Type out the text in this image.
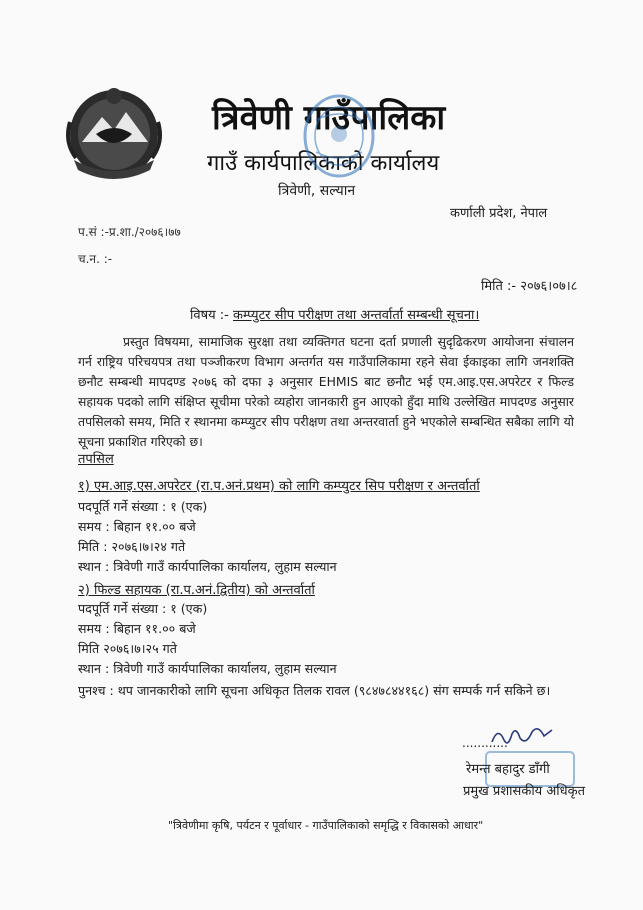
त्रिवेणी गाउँपालिका
गाउँ कार्यपालिकाको कार्यालय
त्रिवेणी, सल्यान
कर्णाली प्रदेश, नेपाल
प.सं :-प्र.शा./२०७६।७७
च.न. :-
मिति :- २०७६।०७।८
विषय :- कम्प्युटर सीप परीक्षण तथा अन्तर्वार्ता सम्बन्धी सूचना।

प्रस्तुत विषयमा, सामाजिक सुरक्षा तथा व्यक्तिगत घटना दर्ता प्रणाली सुदृढिकरण आयोजना संचालन गर्न राष्ट्रिय परिचयपत्र तथा पञ्जीकरण विभाग अन्तर्गत यस गाउँपालिकामा रहने सेवा ईकाइका लागि जनशक्ति छनौट सम्बन्धी मापदण्ड २०७६ को दफा ३ अनुसार EHMIS बाट छनौट भई एम.आइ.एस.अपरेटर र फिल्ड सहायक पदको लागि संक्षिप्त सूचीमा परेको व्यहोरा जानकारी हुन आएको हुँदा माथि उल्लेखित मापदण्ड अनुसार तपसिलको समय, मिति र स्थानमा कम्प्युटर सीप परीक्षण तथा अन्तरवार्ता हुने भएकोले सम्बन्धित सबैका लागि यो सूचना प्रकाशित गरिएको छ।

तपसिल
१) एम.आइ.एस.अपरेटर (रा.प.अनं.प्रथम) को लागि कम्प्युटर सिप परीक्षण र अन्तर्वार्ता
पदपूर्ति गर्ने संख्या : १ (एक)
समय : बिहान ११.०० बजे
मिति : २०७६।७।२४ गते
स्थान : त्रिवेणी गाउँ कार्यपालिका कार्यालय, लुहाम सल्यान
२) फिल्ड सहायक (रा.प.अनं.द्वितीय) को अन्तर्वार्ता
पदपूर्ति गर्ने संख्या : १ (एक)
समय : बिहान ११.०० बजे
मिति २०७६।७।२५ गते
स्थान : त्रिवेणी गाउँ कार्यपालिका कार्यालय, लुहाम सल्यान
पुनश्च : थप जानकारीको लागि सूचना अधिकृत तिलक रावल (९८४७८४४१६८) संग सम्पर्क गर्न सकिने छ।
............
रेमन्त बहादुर डाँगी
प्रमुख प्रशासकीय अधिकृत
"त्रिवेणीमा कृषि, पर्यटन र पूर्वाधार - गाउँपालिकाको समृद्धि र विकासको आधार"
